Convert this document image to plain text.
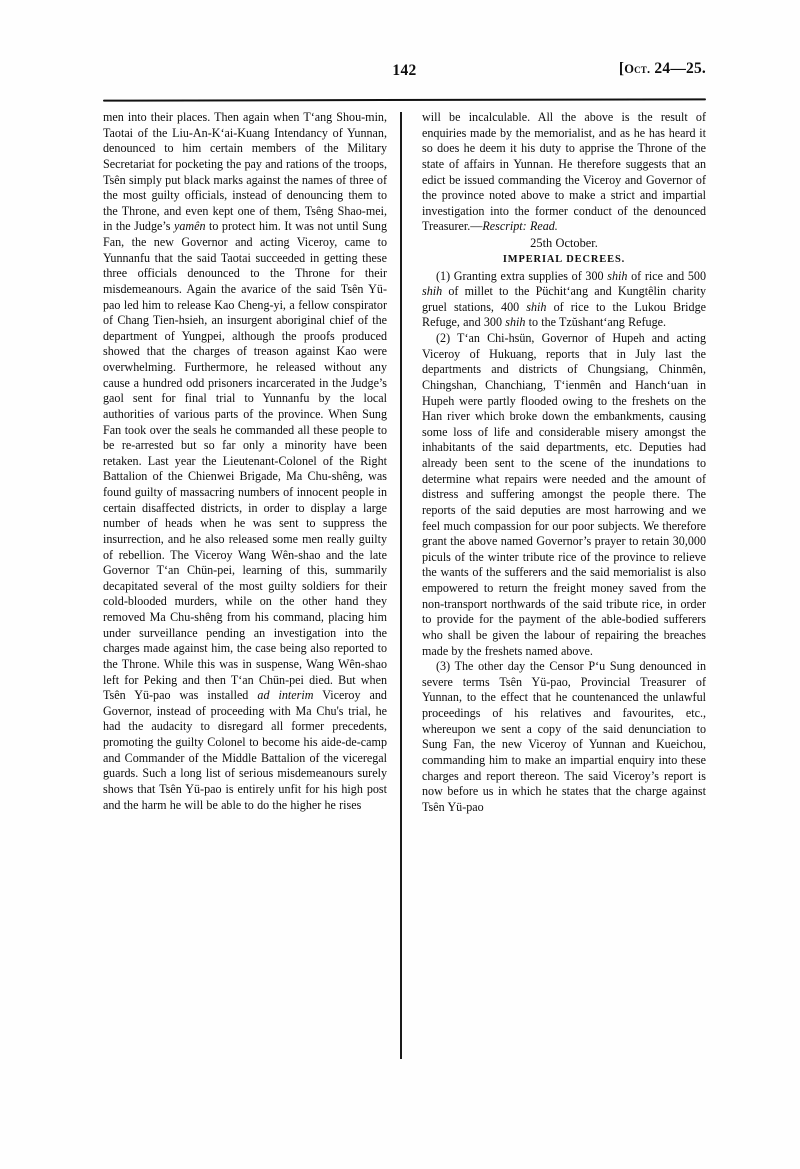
142	[Oct. 24—25.

men into their places. Then again when T‘ang Shou-min, Taotai of the Liu-An-K‘ai-Kuang Intendancy of Yunnan, denounced to him certain members of the Military Secretariat for pocketing the pay and rations of the troops, Tsên simply put black marks against the names of three of the most guilty officials, instead of denouncing them to the Throne, and even kept one of them, Tsêng Shao-mei, in the Judge’s yamên to protect him. It was not until Sung Fan, the new Governor and acting Viceroy, came to Yunnanfu that the said Taotai succeeded in getting these three officials denounced to the Throne for their misdemeanours. Again the avarice of the said Tsên Yü-pao led him to release Kao Cheng-yi, a fellow conspirator of Chang Tien-hsieh, an insurgent aboriginal chief of the department of Yungpei, although the proofs produced showed that the charges of treason against Kao were overwhelming. Furthermore, he released without any cause a hundred odd prisoners incarcerated in the Judge’s gaol sent for final trial to Yunnanfu by the local authorities of various parts of the province. When Sung Fan took over the seals he commanded all these people to be re-arrested but so far only a minority have been retaken. Last year the Lieutenant-Colonel of the Right Battalion of the Chienwei Brigade, Ma Chu-shêng, was found guilty of massacring numbers of innocent people in certain disaffected districts, in order to display a large number of heads when he was sent to suppress the insurrection, and he also released some men really guilty of rebellion. The Viceroy Wang Wên-shao and the late Governor T‘an Chün-pei, learning of this, summarily decapitated several of the most guilty soldiers for their cold-blooded murders, while on the other hand they removed Ma Chu-shêng from his command, placing him under surveillance pending an investigation into the charges made against him, the case being also reported to the Throne. While this was in suspense, Wang Wên-shao left for Peking and then T‘an Chün-pei died. But when Tsên Yü-pao was installed ad interim Viceroy and Governor, instead of proceeding with Ma Chu's trial, he had the audacity to disregard all former precedents, promoting the guilty Colonel to become his aide-de-camp and Commander of the Middle Battalion of the viceregal guards. Such a long list of serious misdemeanours surely shows that Tsên Yü-pao is entirely unfit for his high post and the harm he will be able to do the higher he rises

will be incalculable. All the above is the result of enquiries made by the memorialist, and as he has heard it so does he deem it his duty to apprise the Throne of the state of affairs in Yunnan. He therefore suggests that an edict be issued commanding the Viceroy and Governor of the province noted above to make a strict and impartial investigation into the former conduct of the denounced Treasurer.—Rescript: Read.

25th October.

IMPERIAL DECREES.

(1) Granting extra supplies of 300 shih of rice and 500 shih of millet to the Püchit‘ang and Kungtêlin charity gruel stations, 400 shih of rice to the Lukou Bridge Refuge, and 300 shih to the Tzŭshant‘ang Refuge.

(2) T‘an Chi-hsün, Governor of Hupeh and acting Viceroy of Hukuang, reports that in July last the departments and districts of Chungsiang, Chinmên, Chingshan, Chanchiang, T‘ienmên and Hanch‘uan in Hupeh were partly flooded owing to the freshets on the Han river which broke down the embankments, causing some loss of life and considerable misery amongst the inhabitants of the said departments, etc. Deputies had already been sent to the scene of the inundations to determine what repairs were needed and the amount of distress and suffering amongst the people there. The reports of the said deputies are most harrowing and we feel much compassion for our poor subjects. We therefore grant the above named Governor’s prayer to retain 30,000 piculs of the winter tribute rice of the province to relieve the wants of the sufferers and the said memorialist is also empowered to return the freight money saved from the non-transport northwards of the said tribute rice, in order to provide for the payment of the able-bodied sufferers who shall be given the labour of repairing the breaches made by the freshets named above.

(3) The other day the Censor P‘u Sung denounced in severe terms Tsên Yü-pao, Provincial Treasurer of Yunnan, to the effect that he countenanced the unlawful proceedings of his relatives and favourites, etc., whereupon we sent a copy of the said denunciation to Sung Fan, the new Viceroy of Yunnan and Kueichou, commanding him to make an impartial enquiry into these charges and report thereon. The said Viceroy’s report is now before us in which he states that the charge against Tsên Yü-pao
